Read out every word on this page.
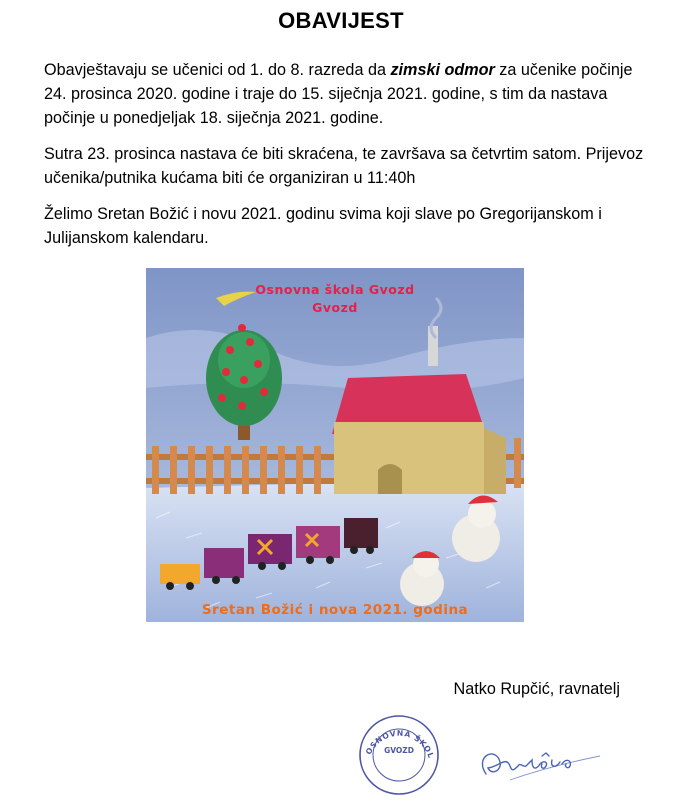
OBAVIJEST

Obavještavaju se učenici od 1. do 8. razreda da zimski odmor za učenike počinje 24. prosinca 2020. godine i traje do 15. siječnja 2021. godine, s tim da nastava počinje u ponedjeljak 18. siječnja 2021. godine.

Sutra 23. prosinca nastava će biti skraćena, te završava sa četvrtim satom. Prijevoz učenika/putnika kućama biti će organiziran u 11:40h

Želimo Sretan Božić i novu 2021. godinu svima koji slave po Gregorijanskom i Julijanskom kalendaru.

Osnovna škola Gvozd
Gvozd
Sretan Božić i nova 2021. godina
Natko Rupčić, ravnatelj
OSNOVNA ŠKOL
GVOZD
